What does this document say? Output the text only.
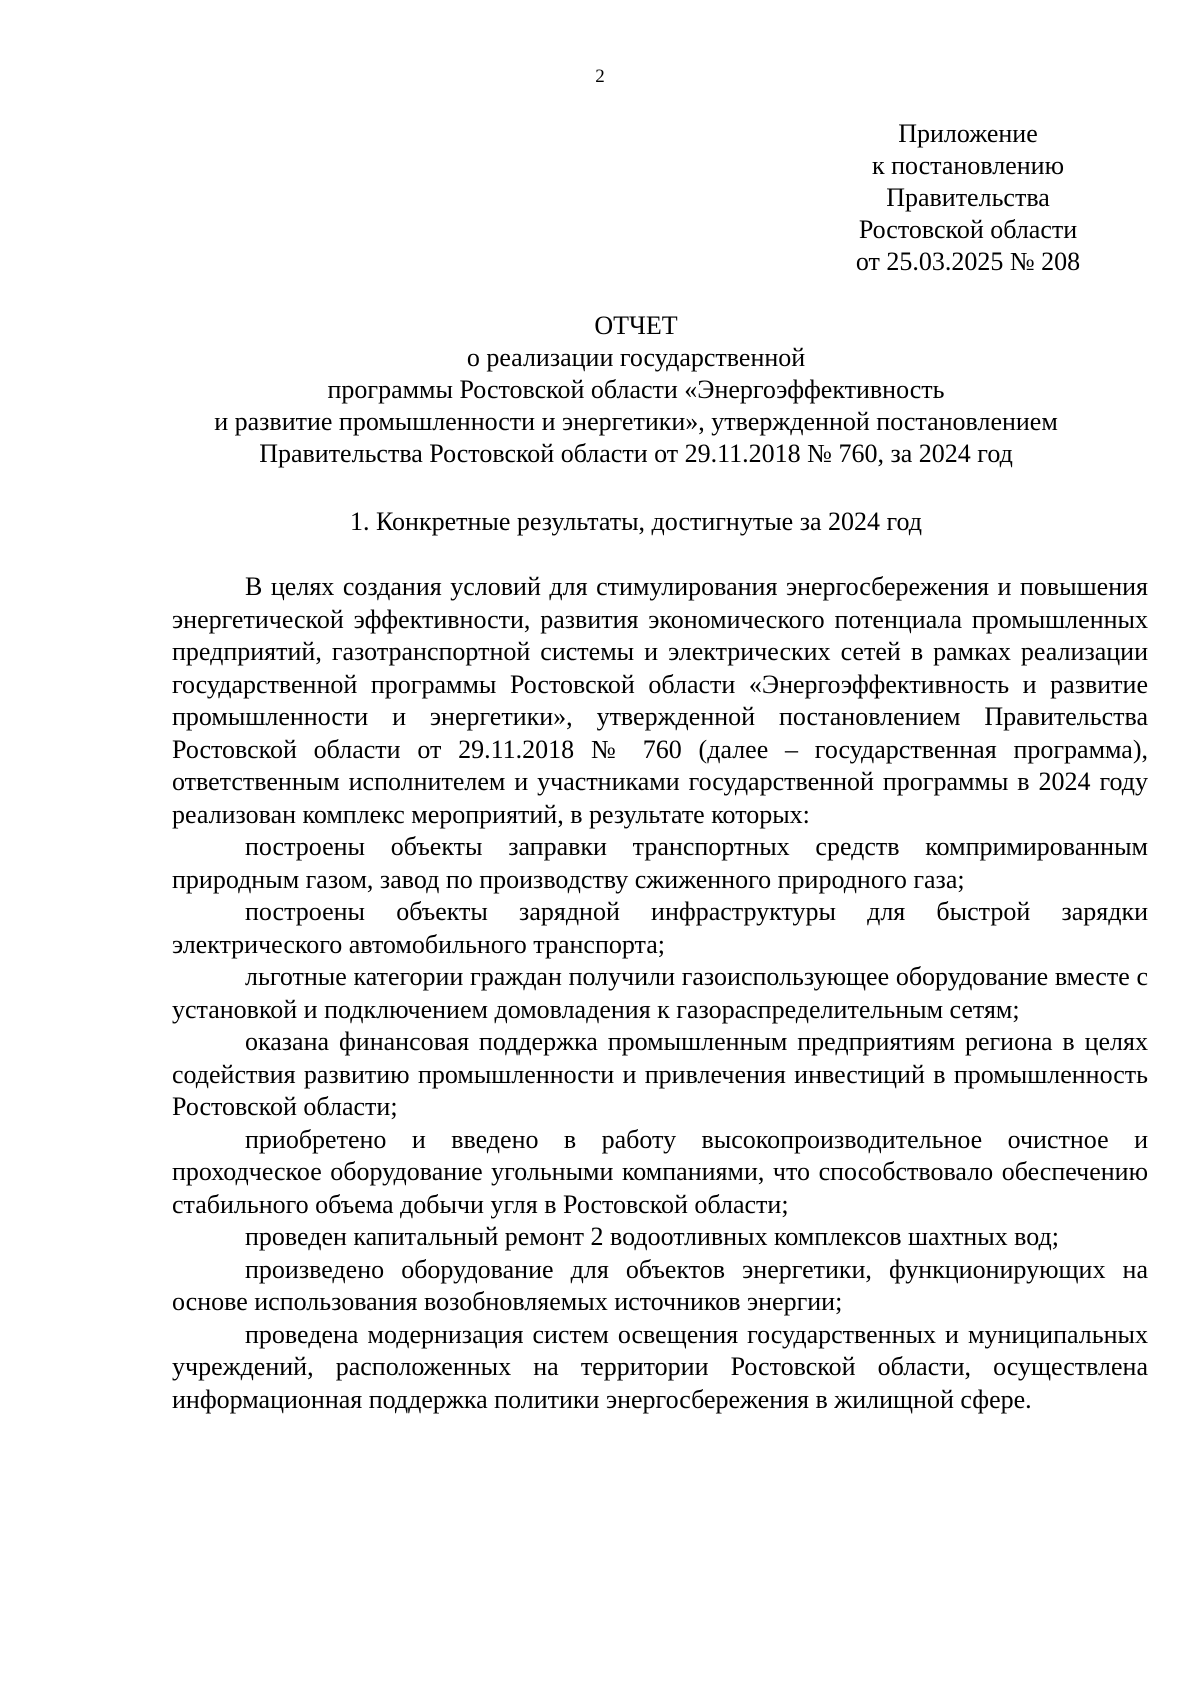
2
Приложение
к постановлению
Правительства
Ростовской области
от 25.03.2025 № 208
ОТЧЕТ
о реализации государственной
программы Ростовской области «Энергоэффективность
и развитие промышленности и энергетики», утвержденной постановлением
Правительства Ростовской области от 29.11.2018 № 760, за 2024 год
1. Конкретные результаты, достигнутые за 2024 год

В целях создания условий для стимулирования энергосбережения и повышения энергетической эффективности, развития экономического потенциала промышленных предприятий, газотранспортной системы и электрических сетей в рамках реализации государственной программы Ростовской области «Энергоэффективность и развитие промышленности и энергетики», утвержденной постановлением Правительства Ростовской области от 29.11.2018 № 760 (далее – государственная программа), ответственным исполнителем и участниками государственной программы в 2024 году реализован комплекс мероприятий, в результате которых:

построены объекты заправки транспортных средств компримированным природным газом, завод по производству сжиженного природного газа;

построены объекты зарядной инфраструктуры для быстрой зарядки электрического автомобильного транспорта;

льготные категории граждан получили газоиспользующее оборудование вместе с установкой и подключением домовладения к газораспределительным сетям;

оказана финансовая поддержка промышленным предприятиям региона в целях содействия развитию промышленности и привлечения инвестиций в промышленность Ростовской области;

приобретено и введено в работу высокопроизводительное очистное и проходческое оборудование угольными компаниями, что способствовало обеспечению стабильного объема добычи угля в Ростовской области;

проведен капитальный ремонт 2 водоотливных комплексов шахтных вод;

произведено оборудование для объектов энергетики, функционирующих на основе использования возобновляемых источников энергии;

проведена модернизация систем освещения государственных и муниципальных учреждений, расположенных на территории Ростовской области, осуществлена информационная поддержка политики энергосбережения в жилищной сфере.
